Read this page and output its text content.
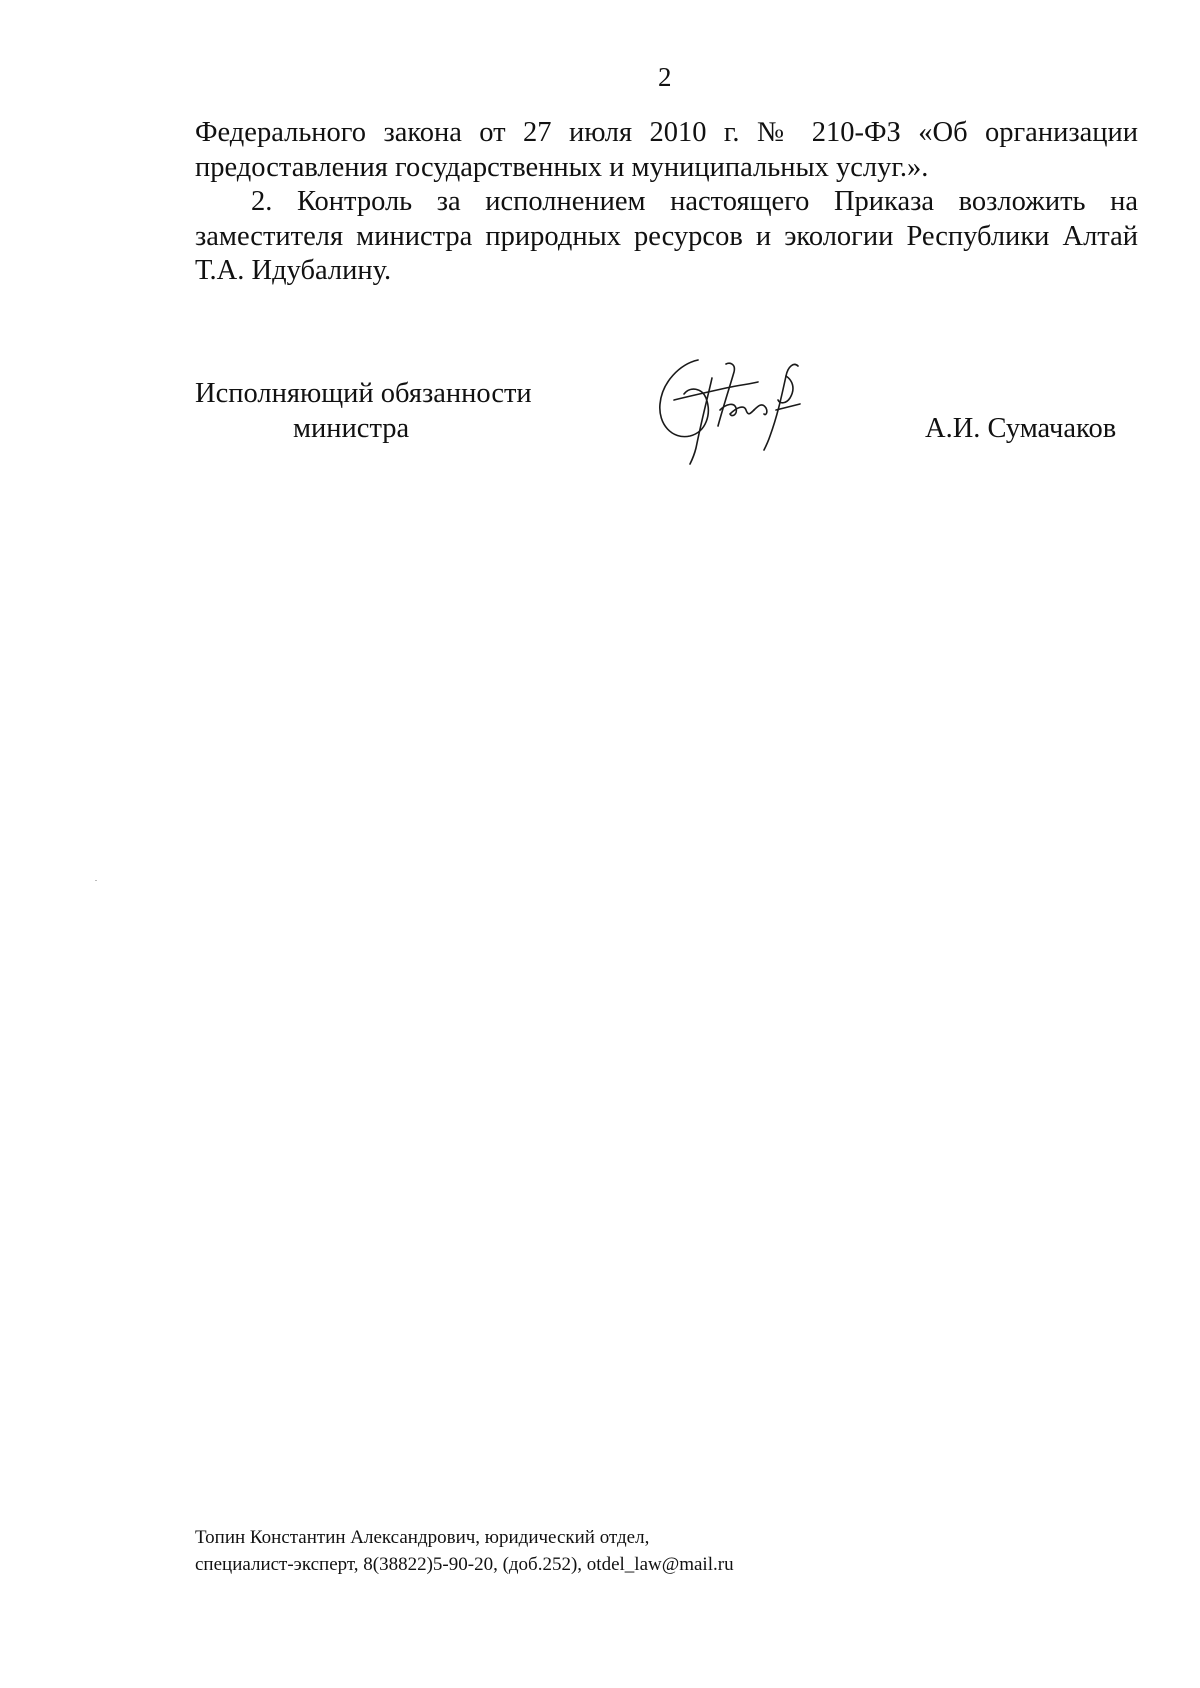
2

Федерального закона от 27 июля 2010 г. № 210-ФЗ «Об организации предоставления государственных и муниципальных услуг.».

2. Контроль за исполнением настоящего Приказа возложить на заместителя министра природных ресурсов и экологии Республики Алтай Т.А. Идубалину.

Исполняющий обязанности
министра	А.И. Сумачаков
Топин Константин Александрович, юридический отдел,
специалист-эксперт, 8(38822)5-90-20, (доб.252), otdel_law@mail.ru
